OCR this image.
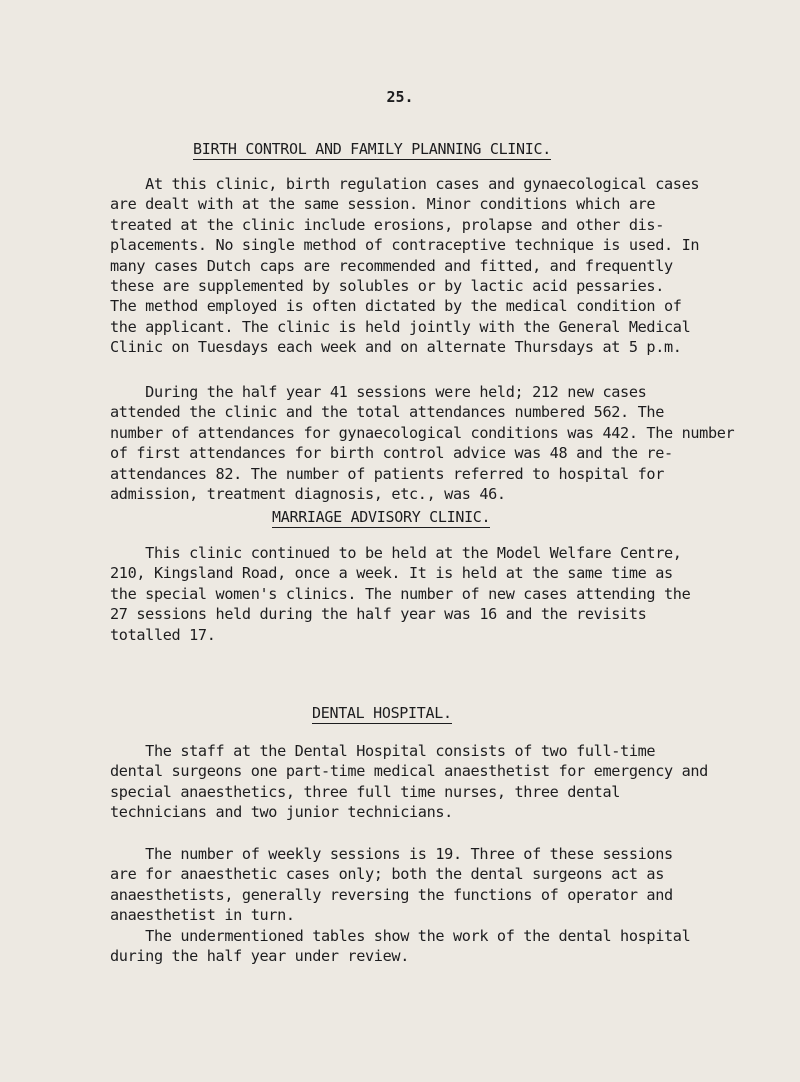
25.
BIRTH CONTROL AND FAMILY PLANNING CLINIC.
At this clinic, birth regulation cases and gynaecological cases
are dealt with at the same session. Minor conditions which are
treated at the clinic include erosions, prolapse and other dis-
placements. No single method of contraceptive technique is used. In
many cases Dutch caps are recommended and fitted, and frequently
these are supplemented by solubles or by lactic acid pessaries.
The method employed is often dictated by the medical condition of
the applicant. The clinic is held jointly with the General Medical
Clinic on Tuesdays each week and on alternate Thursdays at 5 p.m.
During the half year 41 sessions were held; 212 new cases
attended the clinic and the total attendances numbered 562. The
number of attendances for gynaecological conditions was 442. The number
of first attendances for birth control advice was 48 and the re-
attendances 82. The number of patients referred to hospital for
admission, treatment diagnosis, etc., was 46.
MARRIAGE ADVISORY CLINIC.
This clinic continued to be held at the Model Welfare Centre,
210, Kingsland Road, once a week. It is held at the same time as
the special women's clinics. The number of new cases attending the
27 sessions held during the half year was 16 and the revisits
totalled 17.
DENTAL HOSPITAL.
The staff at the Dental Hospital consists of two full-time
dental surgeons one part-time medical anaesthetist for emergency and
special anaesthetics, three full time nurses, three dental
technicians and two junior technicians.
The number of weekly sessions is 19. Three of these sessions
are for anaesthetic cases only; both the dental surgeons act as
anaesthetists, generally reversing the functions of operator and
anaesthetist in turn.
The undermentioned tables show the work of the dental hospital
during the half year under review.
